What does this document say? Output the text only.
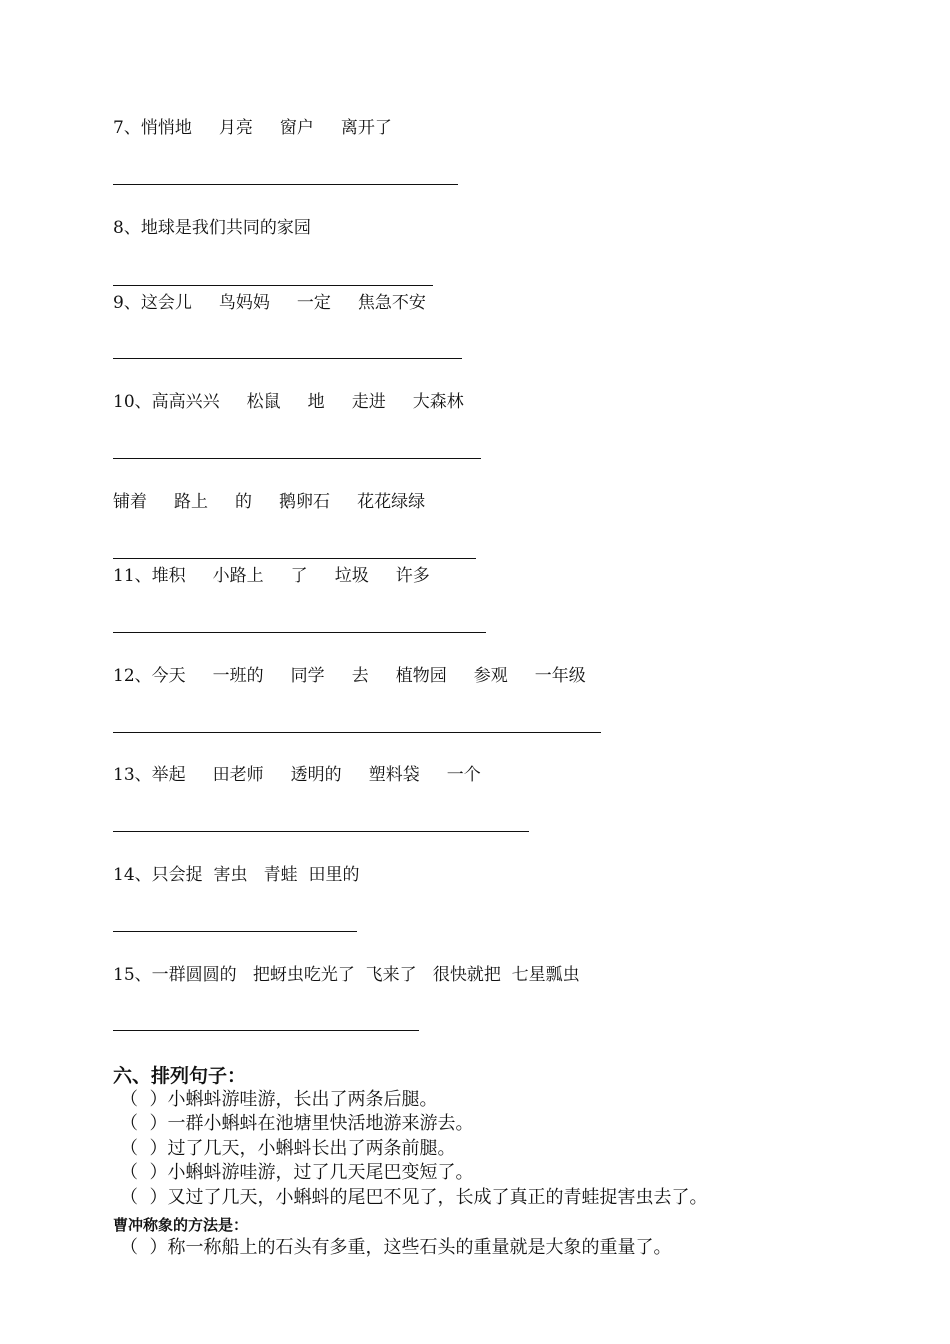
7、悄悄地     月亮     窗户     离开了
8、地球是我们共同的家园
9、这会儿     鸟妈妈     一定     焦急不安
10、高高兴兴     松鼠     地     走进     大森林
铺着     路上     的     鹅卵石     花花绿绿
11、堆积     小路上     了     垃圾     许多
12、今天     一班的     同学     去     植物园     参观     一年级
13、举起     田老师     透明的     塑料袋     一个
14、只会捉  害虫   青蛙  田里的
15、一群圆圆的   把蚜虫吃光了  飞来了   很快就把  七星瓢虫
六、排列句子：
（  ）小蝌蚪游哇游，长出了两条后腿。
（  ）一群小蝌蚪在池塘里快活地游来游去。
（  ）过了几天，小蝌蚪长出了两条前腿。
（  ）小蝌蚪游哇游，过了几天尾巴变短了。
（  ）又过了几天，小蝌蚪的尾巴不见了，长成了真正的青蛙捉害虫去了。
曹冲称象的方法是：
（  ）称一称船上的石头有多重，这些石头的重量就是大象的重量了。
